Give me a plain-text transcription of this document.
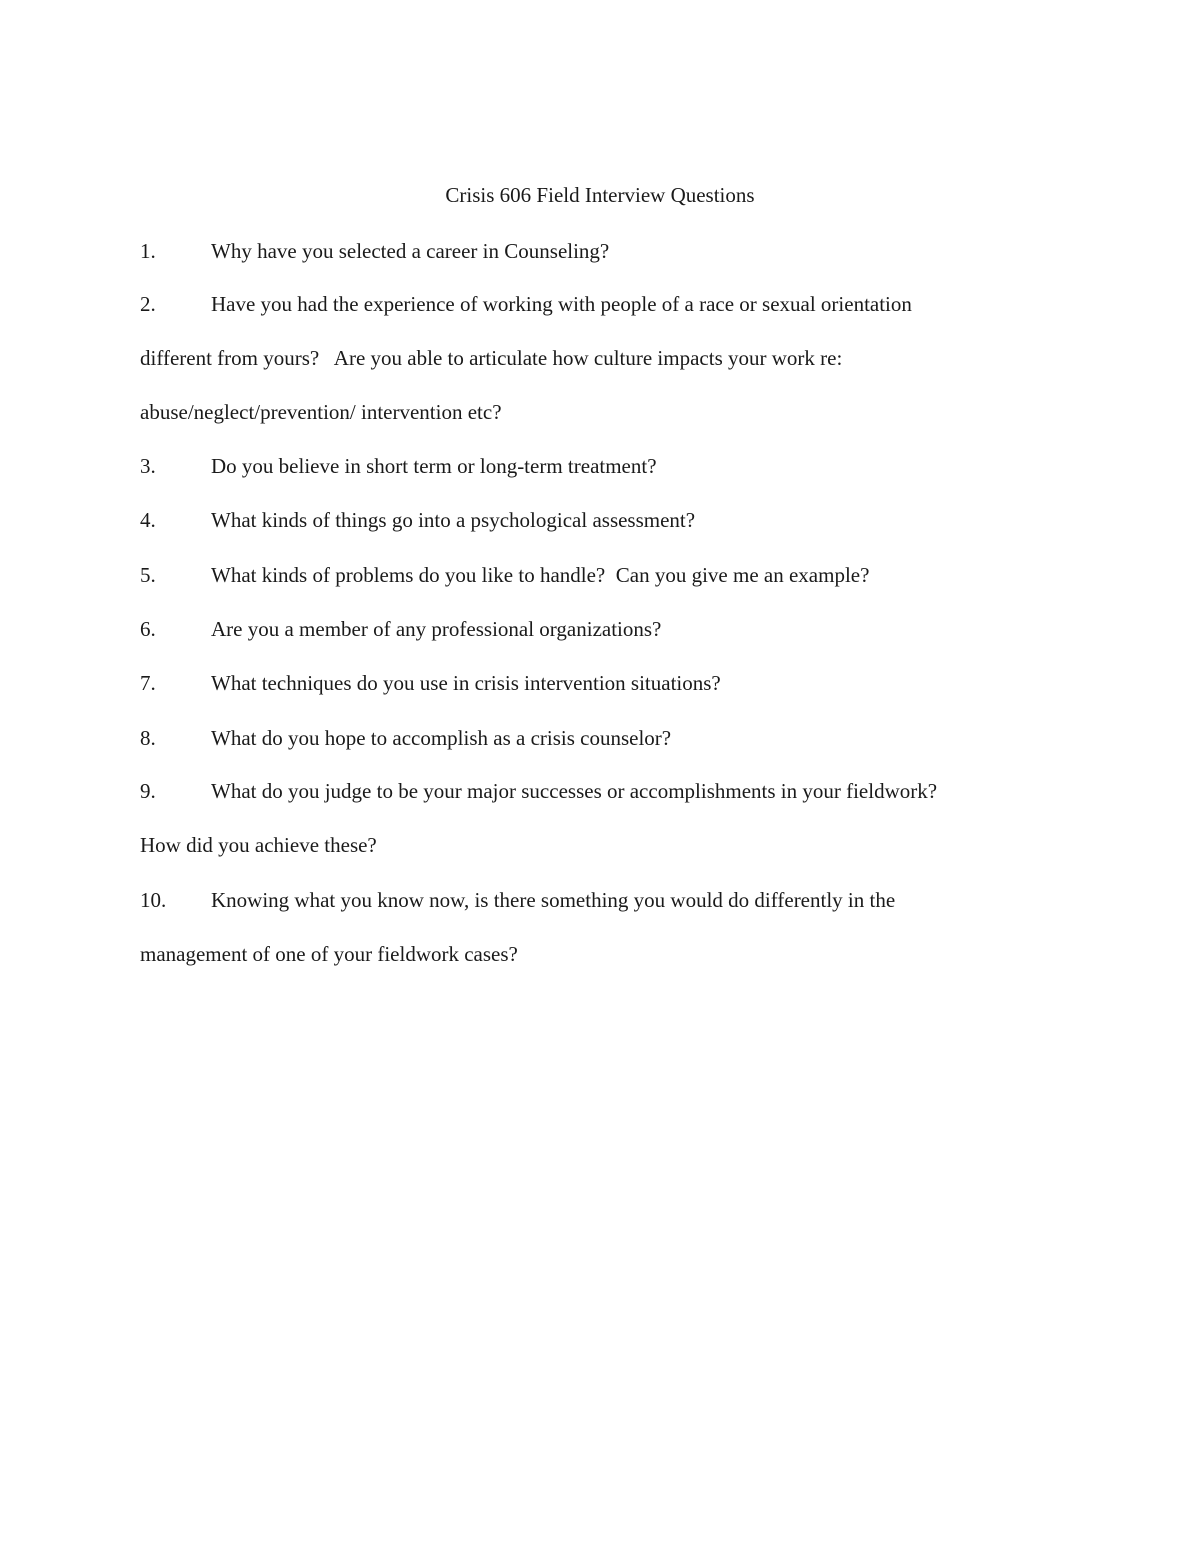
Crisis 606 Field Interview Questions
1.	Why have you selected a career in Counseling?
2.	Have you had the experience of working with people of a race or sexual orientation

different from yours?   Are you able to articulate how culture impacts your work re:

abuse/neglect/prevention/ intervention etc?

3.	Do you believe in short term or long-term treatment?
4.	What kinds of things go into a psychological assessment?
5.	What kinds of problems do you like to handle?  Can you give me an example?
6.	Are you a member of any professional organizations?
7.	What techniques do you use in crisis intervention situations?
8.	What do you hope to accomplish as a crisis counselor?
9.	What do you judge to be your major successes or accomplishments in your fieldwork?

How did you achieve these?

10. Knowing what you know now, is there something you would do differently in the

management of one of your fieldwork cases?
